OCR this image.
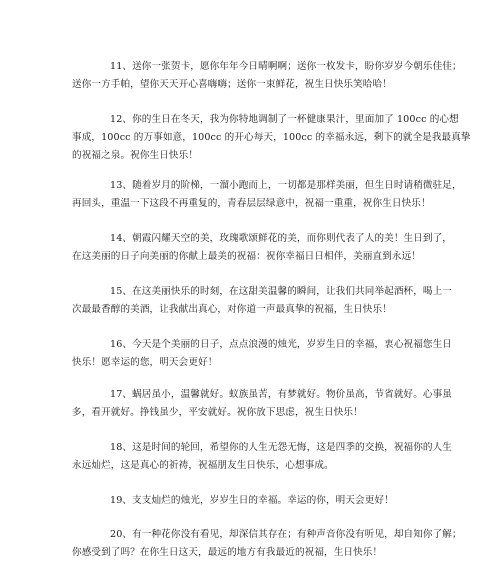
11、送你一张贺卡，愿你年年今日晴啊啊；送你一枚发卡，盼你岁岁今朝乐佳佳；
送你一方手帕，望你天天开心喜嗨嗨；送你一束鲜花，祝生日快乐笑哈哈！
12、你的生日在冬天，我为你特地调制了一杯健康果汁，里面加了 100cc 的心想
事成，100cc 的万事如意，100cc 的开心每天，100cc 的幸福永远，剩下的就全是我最真挚
的祝福之泉。祝你生日快乐！
13、随着岁月的阶梯，一溜小跑而上，一切都是那样美丽，但生日时请稍微驻足，
再回头，重温一下这段不再重复的，青春层层绿意中，祝福一重重，祝你生日快乐！
14、朝霞闪耀天空的美，玫瑰歌颂鲜花的美，而你则代表了人的美！生日到了，
在这美丽的日子向美丽的你献上最美的祝福：祝你幸福日日相伴，美丽直到永远！
15、在这美丽快乐的时刻，在这甜美温馨的瞬间，让我们共同举起酒杯，喝上一
次最最香醇的美酒，让我献出真心，对你道一声最真挚的祝福，生日快乐！
16、今天是个美丽的日子，点点浪漫的烛光，岁岁生日的幸福，衷心祝福您生日
快乐！愿幸运的您，明天会更好！
17、蜗居虽小，温馨就好。蚁族虽苦，有梦就好。物价虽高，节省就好。心事虽
多，看开就好。挣钱虽少，平安就好。祝你放下思虑，祝生日快乐！
18、这是时间的轮回，希望你的人生无怨无悔，这是四季的交换，祝福你的人生
永远灿烂，这是真心的祈祷，祝福朋友生日快乐，心想事成。
19、支支灿烂的烛光，岁岁生日的幸福。幸运的你，明天会更好！
20、有一种花你没有看见，却深信其存在；有种声音你没有听见，却自知你了解；
你感受到了吗？在你生日这天，最远的地方有我最近的祝福，生日快乐！
